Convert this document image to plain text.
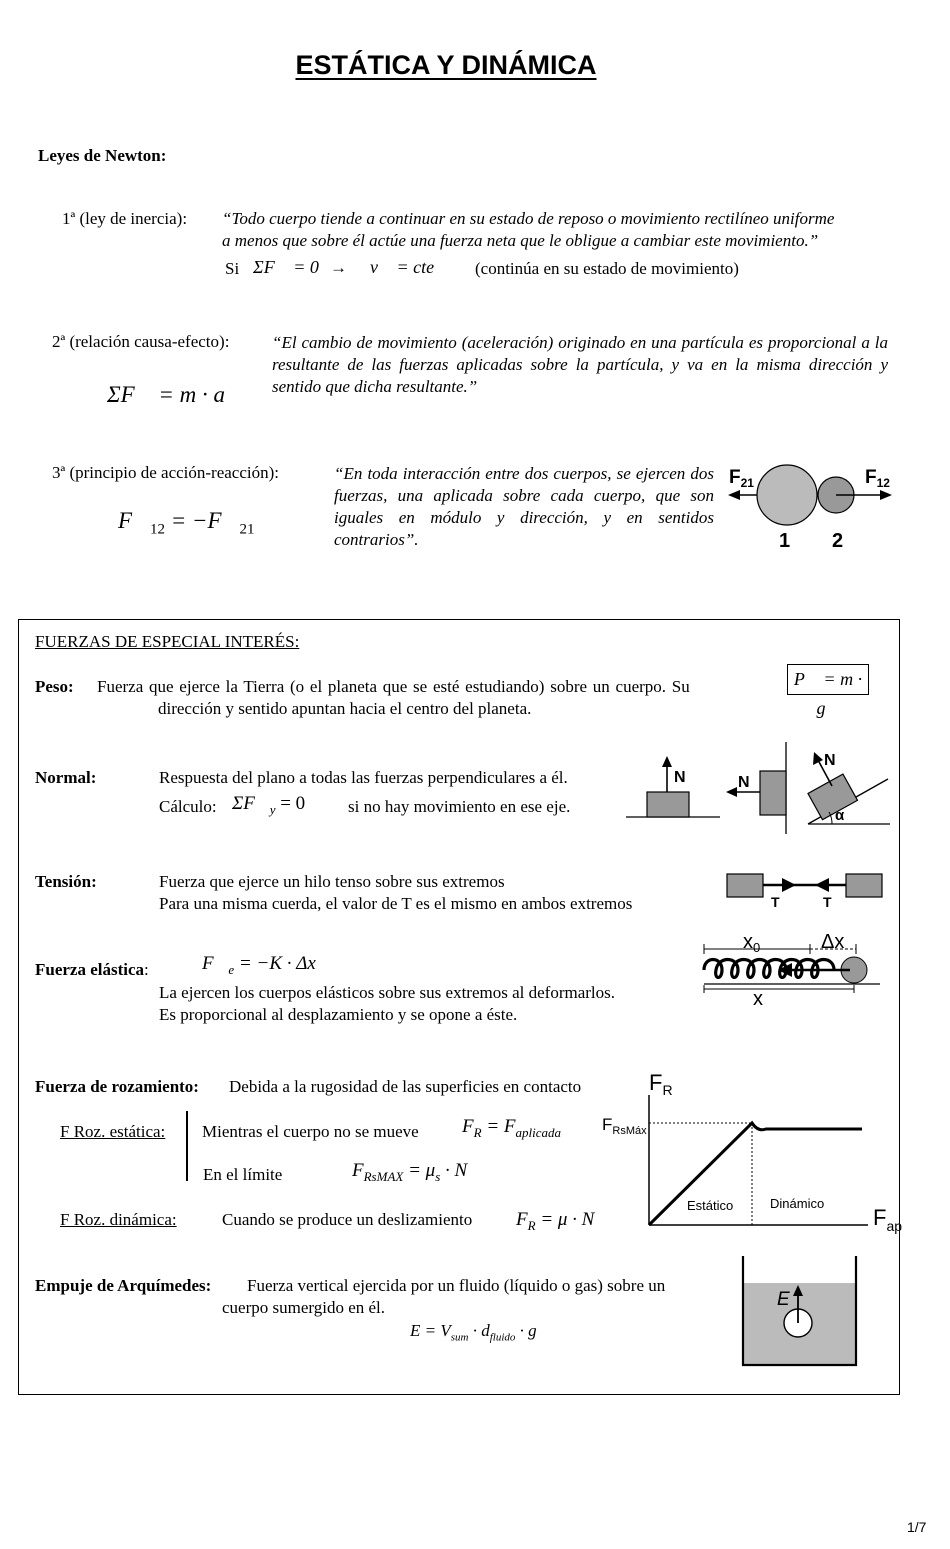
ESTÁTICA Y DINÁMICA
Leyes de Newton:
1ª (ley de inercia): “Todo cuerpo tiende a continuar en su estado de reposo o movimiento rectilíneo uniforme
a menos que sobre él actúe una fuerza neta que le obligue a cambiar este movimiento.”
Si ΣF⃗ = 0 → v⃗ = cte (continúa en su estado de movimiento)
2ª (relación causa-efecto):	“El cambio de movimiento (aceleración) originado en una partícula es proporcional a la resultante de las fuerzas aplicadas sobre la partícula, y va en la misma dirección y sentido que dicha resultante.”
ΣF⃗ = m · a⃗
3ª (principio de acción-reacción):	“En toda interacción entre dos cuerpos, se ejercen dos fuerzas, una aplicada sobre cada cuerpo, que son iguales en módulo y dirección, y en sentidos contrarios”.
$F⃗_{12}$ = $-F⃗_{21}$
$F_{21}$	$F_{12}$
1 2
FUERZAS DE ESPECIAL INTERÉS:
Peso: Fuerza que ejerce la Tierra (o el planeta que se esté estudiando) sobre un cuerpo. Su
dirección y sentido apuntan hacia el centro del planeta.
P⃗ = m · g⃗
Normal:	Respuesta del plano a todas las fuerzas perpendiculares a él.
Cálculo: $\Sigma F⃗_y = 0$	si no hay movimiento en ese eje.
N	N
N
α
Tensión:	Fuerza que ejerce un hilo tenso sobre sus extremos
Para una misma cuerda, el valor de T es el mismo en ambos extremos	T	T
Fuerza elástica:	$F⃗_e = -K$ · Δx⃗
La ejercen los cuerpos elásticos sobre sus extremos al deformarlos.
Es proporcional al desplazamiento y se opone a éste.
$x_0$	Δx
x
Fuerza de rozamiento: Debida a la rugosidad de las superficies en contacto
F Roz. estática: Mientras el cuerpo no se mueve $F_R = F_{aplicada}$
En el límite	$F_{RsMAX} = \mu_s \cdot N$
F Roz. dinámica:	Cuando se produce un deslizamiento $F_R = \mu \cdot N$
$F_R$
$F_{RsMáx}$
Estático	Dinámico
$F_{ap}$
Empuje de Arquímedes: Fuerza vertical ejercida por un fluido (líquido o gas) sobre un
cuerpo sumergido en él.
$E = V_{sum} \cdot d_{fluido} \cdot g$
E
1/7
